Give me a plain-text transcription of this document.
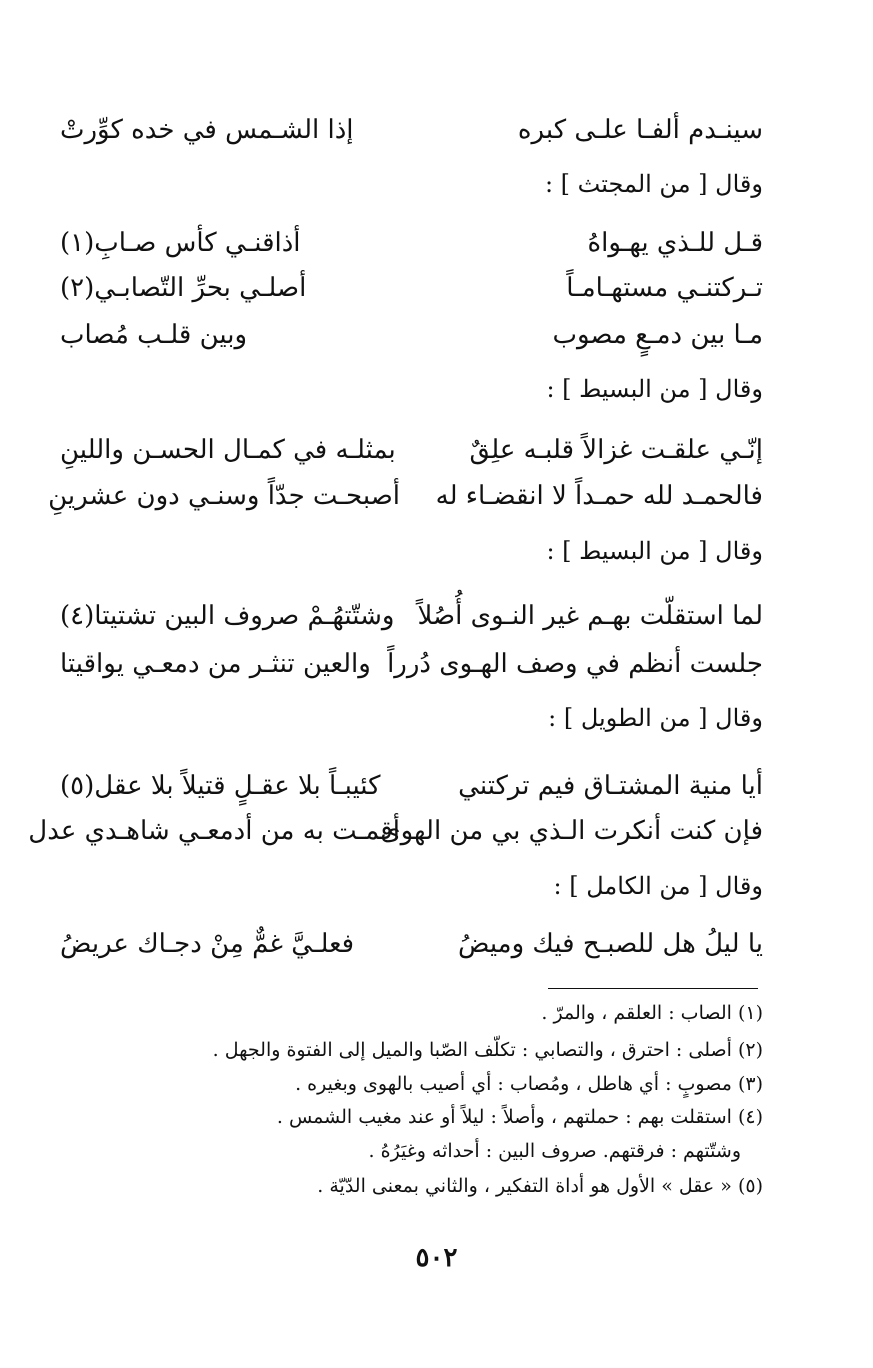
سينـدم ألفـا علـى كبره
إذا الشـمس في خده كوِّرتْ
وقال [ من المجتث ] :
قـل للـذي يهـواهُ
أذاقنـي كأس صـابِ(١)
تـركتنـي مستهـامـاً
أصلـي بحرِّ التّصابـي(٢)
مـا بين دمـعٍ مصوب
وبين قلـب مُصاب
وقال [ من البسيط ] :
إنّـي علقـت غزالاً قلبـه علِقٌ
بمثلـه في كمـال الحسـن واللينِ
فالحمـد لله حمـداً لا انقضـاء له
أصبحـت جدّاً وسنـي دون عشرينِ
وقال [ من البسيط ] :
لما استقلّت بهـم غير النـوى أُصُلاً
وشتّتهُـمْ صروف البين تشتيتا(٤)
جلست أنظم في وصف الهـوى دُرراً
والعين تنثـر من دمعـي يواقيتا
وقال [ من الطويل ] :
أيا منية المشتـاق فيم تركتني
كئيبـاً بلا عقـلٍ قتيلاً بلا عقل(٥)
فإن كنت أنكرت الـذي بي من الهوى
أقمـت به من أدمعـي شاهـدي عدل
وقال [ من الكامل ] :
يا ليلُ هل للصبـح فيك وميضُ
فعلـيَّ غمٌّ مِنْ دجـاك عريضُ
(١) الصاب : العلقم ، والمرّ .
(٢) أصلى : احترق ، والتصابي : تكلّف الصّبا والميل إلى الفتوة والجهل .
(٣) مصوبٍ : أي هاطل ، ومُصاب : أي أصيب بالهوى وبغيره .
(٤) استقلت بهم : حملتهم ، وأصلاً : ليلاً أو عند مغيب الشمس .
وشتّتهم : فرقتهم. صروف البين : أحداثه وغيَرُهُ .
(٥) « عقل » الأول هو أداة التفكير ، والثاني بمعنى الدّيّة .
٥٠٢
